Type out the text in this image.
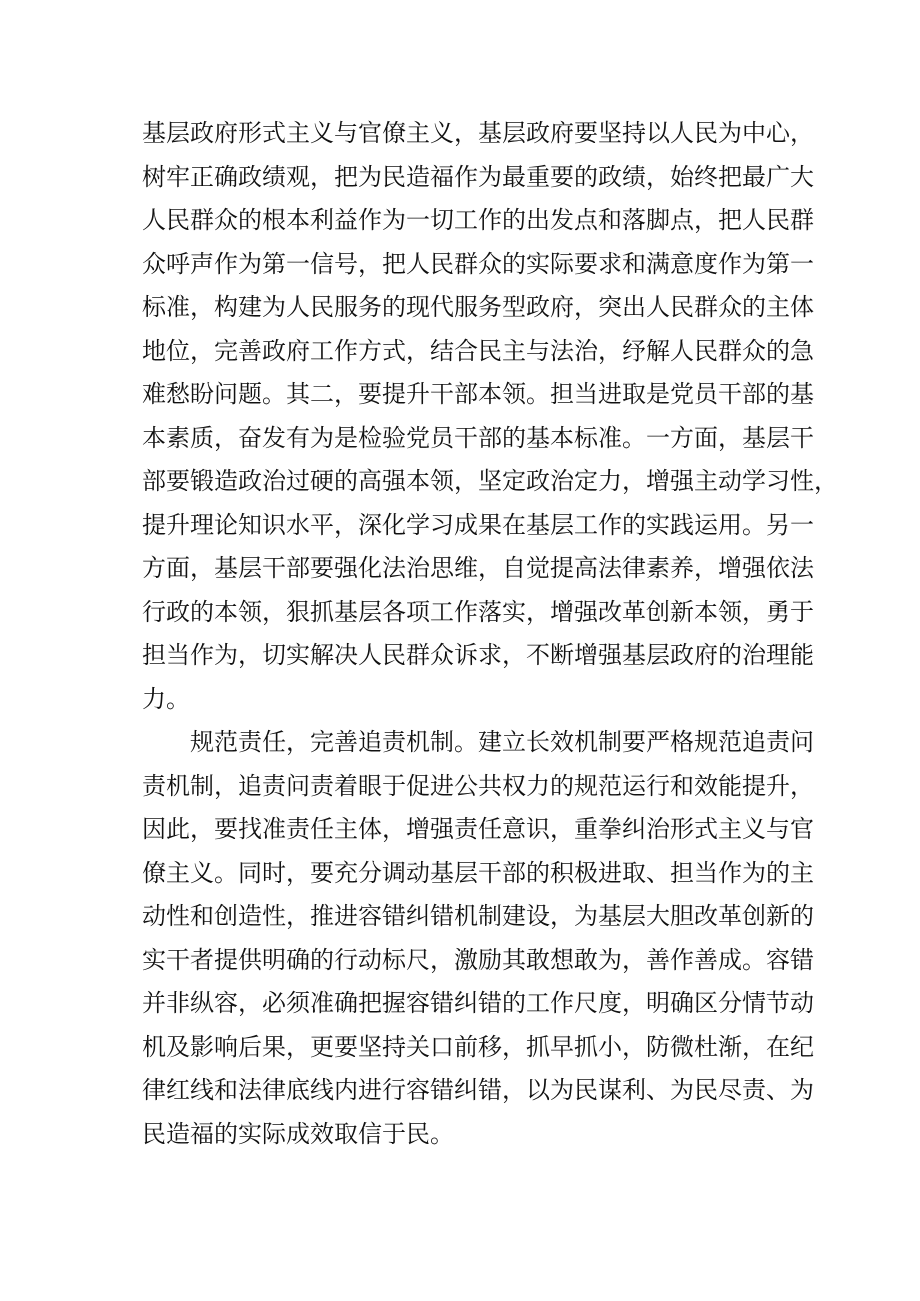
基层政府形式主义与官僚主义，基层政府要坚持以人民为中心，
树牢正确政绩观，把为民造福作为最重要的政绩，始终把最广大
人民群众的根本利益作为一切工作的出发点和落脚点，把人民群
众呼声作为第一信号，把人民群众的实际要求和满意度作为第一
标准，构建为人民服务的现代服务型政府，突出人民群众的主体
地位，完善政府工作方式，结合民主与法治，纾解人民群众的急
难愁盼问题。其二，要提升干部本领。担当进取是党员干部的基
本素质，奋发有为是检验党员干部的基本标准。一方面，基层干
部要锻造政治过硬的高强本领，坚定政治定力，增强主动学习性，
提升理论知识水平，深化学习成果在基层工作的实践运用。另一
方面，基层干部要强化法治思维，自觉提高法律素养，增强依法
行政的本领，狠抓基层各项工作落实，增强改革创新本领，勇于
担当作为，切实解决人民群众诉求，不断增强基层政府的治理能
力。
规范责任，完善追责机制。建立长效机制要严格规范追责问
责机制，追责问责着眼于促进公共权力的规范运行和效能提升，
因此，要找准责任主体，增强责任意识，重拳纠治形式主义与官
僚主义。同时，要充分调动基层干部的积极进取、担当作为的主
动性和创造性，推进容错纠错机制建设，为基层大胆改革创新的
实干者提供明确的行动标尺，激励其敢想敢为，善作善成。容错
并非纵容，必须准确把握容错纠错的工作尺度，明确区分情节动
机及影响后果，更要坚持关口前移，抓早抓小，防微杜渐，在纪
律红线和法律底线内进行容错纠错，以为民谋利、为民尽责、为
民造福的实际成效取信于民。
